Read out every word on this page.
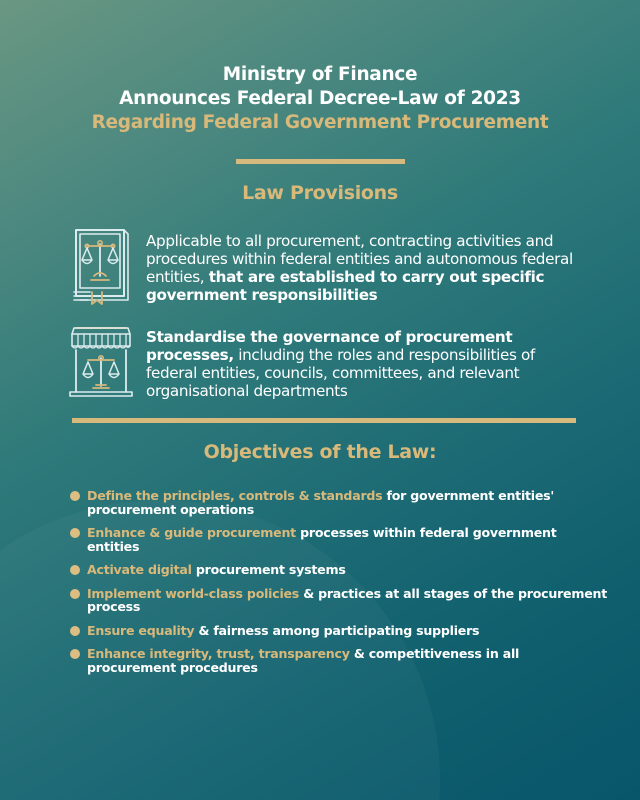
Ministry of Finance
Announces Federal Decree-Law of 2023
Regarding Federal Government Procurement
Law Provisions
Applicable to all procurement, contracting activities and procedures within federal entities and autonomous federal entities, that are established to carry out specific government responsibilities
Standardise the governance of procurement processes, including the roles and responsibilities of federal entities, councils, committees, and relevant organisational departments
Objectives of the Law:
Define the principles, controls & standards for government entities' procurement operations
Enhance & guide procurement processes within federal government entities
Activate digital procurement systems
Implement world-class policies & practices at all stages of the procurement process
Ensure equality & fairness among participating suppliers
Enhance integrity, trust, transparency & competitiveness in all procurement procedures
